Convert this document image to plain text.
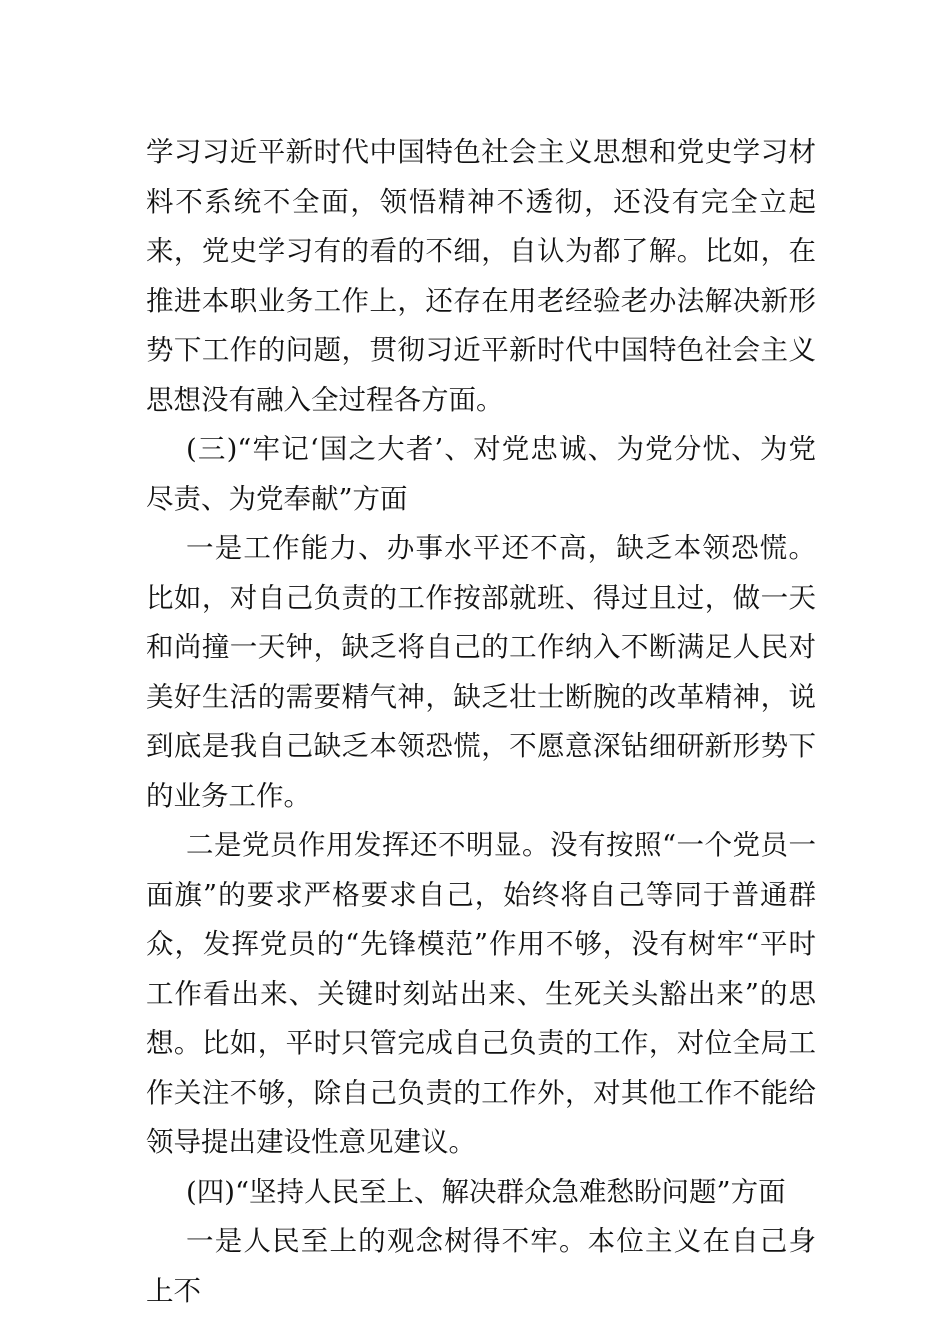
学习习近平新时代中国特色社会主义思想和党史学习材料不系统不全面，领悟精神不透彻，还没有完全立起来，党史学习有的看的不细，自认为都了解。比如，在推进本职业务工作上，还存在用老经验老办法解决新形势下工作的问题，贯彻习近平新时代中国特色社会主义思想没有融入全过程各方面。

(三)“牢记‘国之大者’、对党忠诚、为党分忧、为党尽责、为党奉献”方面

一是工作能力、办事水平还不高，缺乏本领恐慌。比如，对自己负责的工作按部就班、得过且过，做一天和尚撞一天钟，缺乏将自己的工作纳入不断满足人民对美好生活的需要精气神，缺乏壮士断腕的改革精神，说到底是我自己缺乏本领恐慌，不愿意深钻细研新形势下的业务工作。

二是党员作用发挥还不明显。没有按照“一个党员一面旗”的要求严格要求自己，始终将自己等同于普通群众，发挥党员的“先锋模范”作用不够，没有树牢“平时工作看出来、关键时刻站出来、生死关头豁出来”的思想。比如，平时只管完成自己负责的工作，对位全局工作关注不够，除自己负责的工作外，对其他工作不能给领导提出建设性意见建议。

(四)“坚持人民至上、解决群众急难愁盼问题”方面

一是人民至上的观念树得不牢。本位主义在自己身上不
